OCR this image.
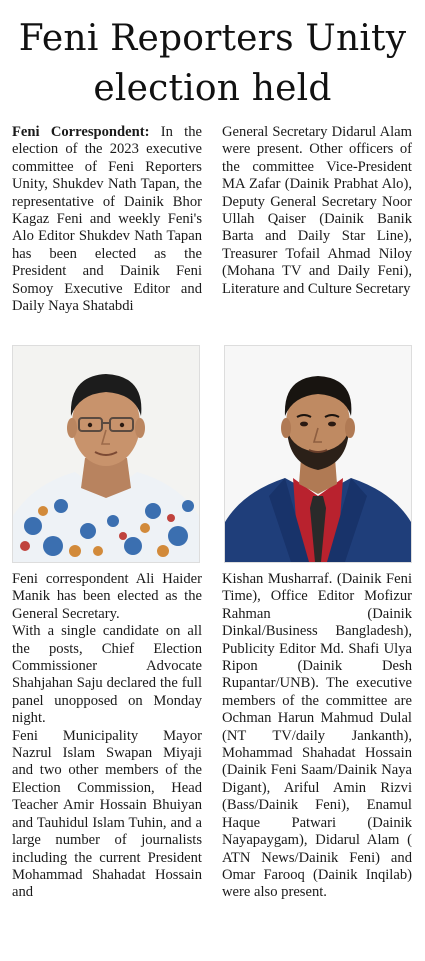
Feni Reporters Unity
election held

Feni Correspondent: In the election of the 2023 executive committee of Feni Reporters Unity, Shukdev Nath Tapan, the representative of Dainik Bhor Kagaz Feni and weekly Feni's Alo Editor Shukdev Nath Tapan has been elected as the President and Dainik Feni Somoy Executive Editor and Daily Naya Shatabdi

General Secretary Didarul Alam were present. Other officers of the committee Vice-President MA Zafar (Dainik Prabhat Alo), Deputy General Secretary Noor Ullah Qaiser (Dainik Banik Barta and Daily Star Line), Treasurer Tofail Ahmad Niloy (Mohana TV and Daily Feni), Literature and Culture Secretary

Feni correspondent Ali Haider Manik has been elected as the General Secretary.

With a single candidate on all the posts, Chief Election Commissioner Advocate Shahjahan Saju declared the full panel unopposed on Monday night.

Feni Municipality Mayor Nazrul Islam Swapan Miyaji and two other members of the Election Commission, Head Teacher Amir Hossain Bhuiyan and Tauhidul Islam Tuhin, and a large number of journalists including the current President Mohammad Shahadat Hossain and

Kishan Musharraf. (Dainik Feni Time), Office Editor Mofizur Rahman (Dainik Dinkal/Business Bangladesh), Publicity Editor Md. Shafi Ulya Ripon (Dainik Desh Rupantar/UNB). The executive members of the committee are Ochman Harun Mahmud Dulal (NT TV/daily Jankanth), Mohammad Shahadat Hossain (Dainik Feni Saam/Dainik Naya Digant), Ariful Amin Rizvi (Bass/Dainik Feni), Enamul Haque Patwari (Dainik Nayapaygam), Didarul Alam ( ATN News/Dainik Feni) and Omar Farooq (Dainik Inqilab) were also present.
